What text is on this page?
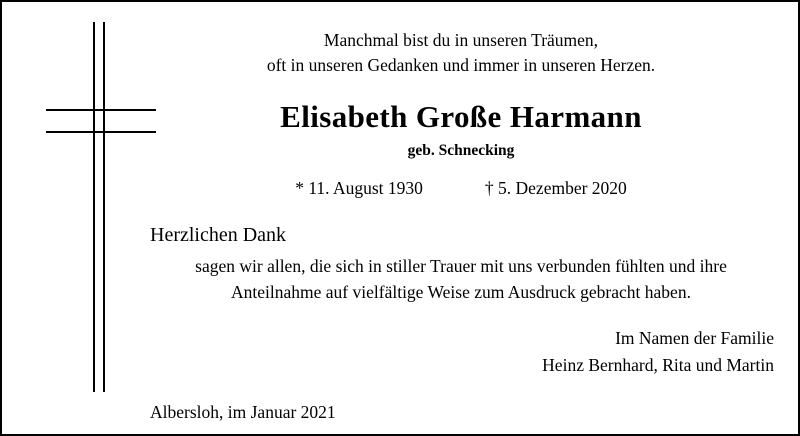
Manchmal bist du in unseren Träumen,
oft in unseren Gedanken und immer in unseren Herzen.
Elisabeth Große Harmann
geb. Schnecking
* 11. August 1930	† 5. Dezember 2020
Herzlichen Dank
sagen wir allen, die sich in stiller Trauer mit uns verbunden fühlten und ihre
Anteilnahme auf vielfältige Weise zum Ausdruck gebracht haben.
Im Namen der Familie
Heinz Bernhard, Rita und Martin
Albersloh, im Januar 2021
